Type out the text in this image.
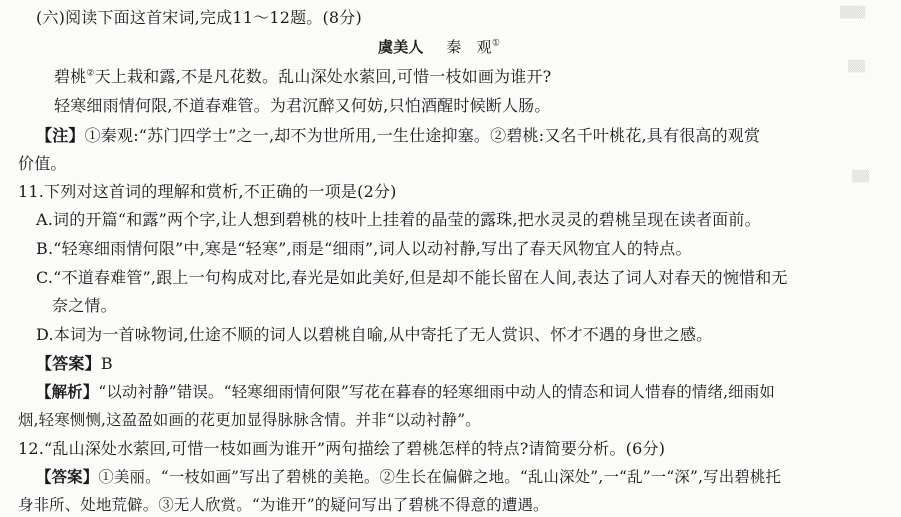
▒▒▒
▒▒
▒▒
(六)阅读下面这首宋词,完成11～12题。(8分)
虞美人 秦　观①
碧桃②天上栽和露,不是凡花数。乱山深处水萦回,可惜一枝如画为谁开?
轻寒细雨情何限,不道春难管。为君沉醉又何妨,只怕酒醒时候断人肠。
【注】①秦观:“苏门四学士”之一,却不为世所用,一生仕途抑塞。②碧桃:又名千叶桃花,具有很高的观赏
价值。
11.下列对这首词的理解和赏析,不正确的一项是(2分)
A.词的开篇“和露”两个字,让人想到碧桃的枝叶上挂着的晶莹的露珠,把水灵灵的碧桃呈现在读者面前。
B.“轻寒细雨情何限”中,寒是“轻寒”,雨是“细雨”,词人以动衬静,写出了春天风物宜人的特点。
C.“不道春难管”,跟上一句构成对比,春光是如此美好,但是却不能长留在人间,表达了词人对春天的惋惜和无
奈之情。
D.本词为一首咏物词,仕途不顺的词人以碧桃自喻,从中寄托了无人赏识、怀才不遇的身世之感。
【答案】B
【解析】“以动衬静”错误。“轻寒细雨情何限”写花在暮春的轻寒细雨中动人的情态和词人惜春的情绪,细雨如
烟,轻寒恻恻,这盈盈如画的花更加显得脉脉含情。并非“以动衬静”。
12.“乱山深处水萦回,可惜一枝如画为谁开”两句描绘了碧桃怎样的特点?请简要分析。(6分)
【答案】①美丽。“一枝如画”写出了碧桃的美艳。②生长在偏僻之地。“乱山深处”,一“乱”一“深”,写出碧桃托
身非所、处地荒僻。③无人欣赏。“为谁开”的疑问写出了碧桃不得意的遭遇。
